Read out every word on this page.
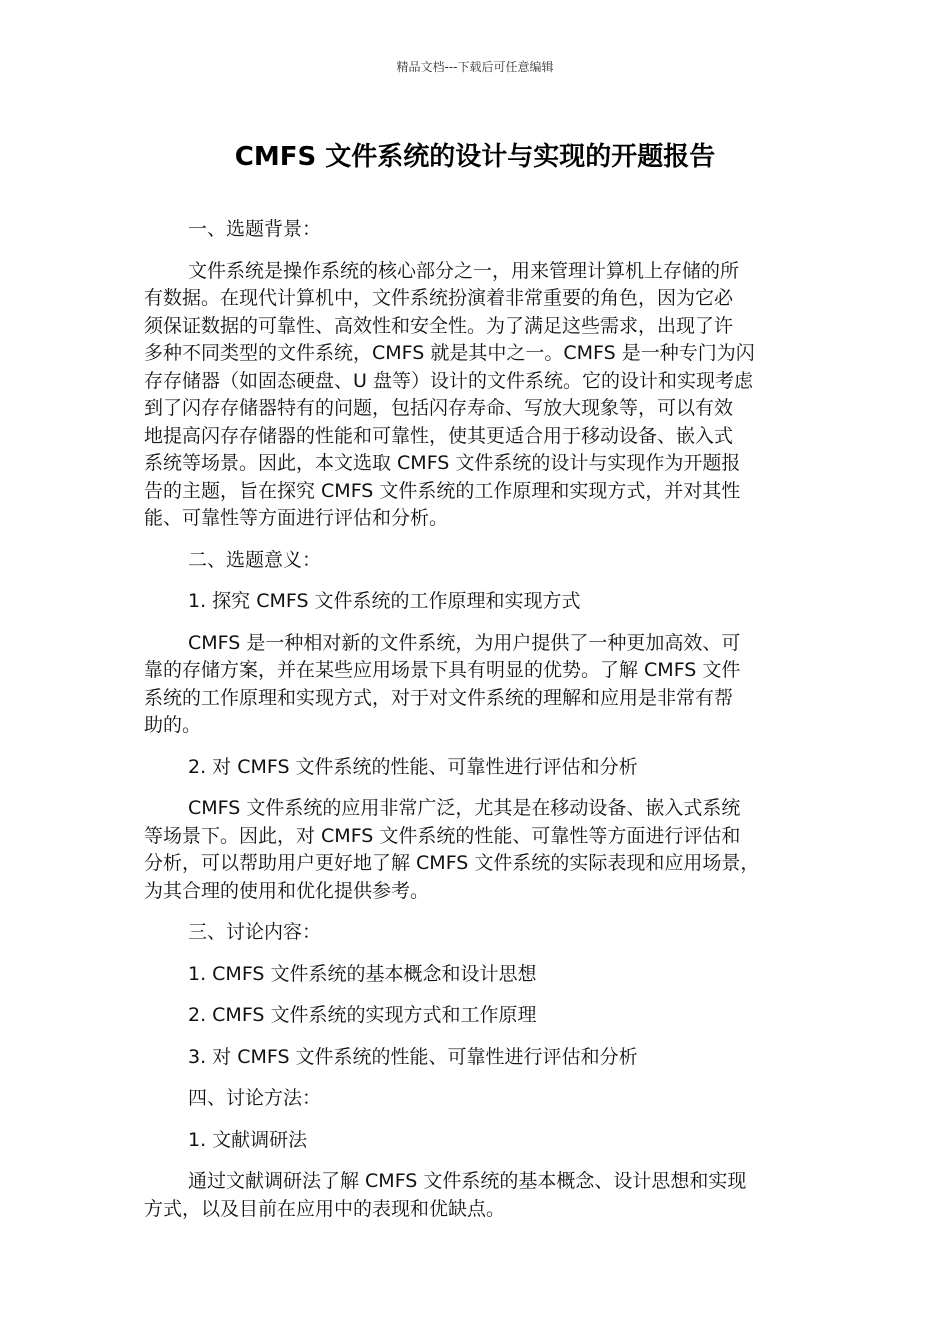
精品文档---下载后可任意编辑
CMFS 文件系统的设计与实现的开题报告

一、选题背景：

文件系统是操作系统的核心部分之一，用来管理计算机上存储的所
有数据。在现代计算机中，文件系统扮演着非常重要的角色，因为它必
须保证数据的可靠性、高效性和安全性。为了满足这些需求，出现了许
多种不同类型的文件系统，CMFS 就是其中之一。CMFS 是一种专门为闪
存存储器（如固态硬盘、U 盘等）设计的文件系统。它的设计和实现考虑
到了闪存存储器特有的问题，包括闪存寿命、写放大现象等，可以有效
地提高闪存存储器的性能和可靠性，使其更适合用于移动设备、嵌入式
系统等场景。因此，本文选取 CMFS 文件系统的设计与实现作为开题报
告的主题，旨在探究 CMFS 文件系统的工作原理和实现方式，并对其性
能、可靠性等方面进行评估和分析。

二、选题意义：

1. 探究 CMFS 文件系统的工作原理和实现方式

CMFS 是一种相对新的文件系统，为用户提供了一种更加高效、可
靠的存储方案，并在某些应用场景下具有明显的优势。了解 CMFS 文件
系统的工作原理和实现方式，对于对文件系统的理解和应用是非常有帮
助的。

2. 对 CMFS 文件系统的性能、可靠性进行评估和分析

CMFS 文件系统的应用非常广泛，尤其是在移动设备、嵌入式系统
等场景下。因此，对 CMFS 文件系统的性能、可靠性等方面进行评估和
分析，可以帮助用户更好地了解 CMFS 文件系统的实际表现和应用场景，
为其合理的使用和优化提供参考。

三、讨论内容：

1. CMFS 文件系统的基本概念和设计思想

2. CMFS 文件系统的实现方式和工作原理

3. 对 CMFS 文件系统的性能、可靠性进行评估和分析

四、讨论方法：

1. 文献调研法

通过文献调研法了解 CMFS 文件系统的基本概念、设计思想和实现
方式，以及目前在应用中的表现和优缺点。
